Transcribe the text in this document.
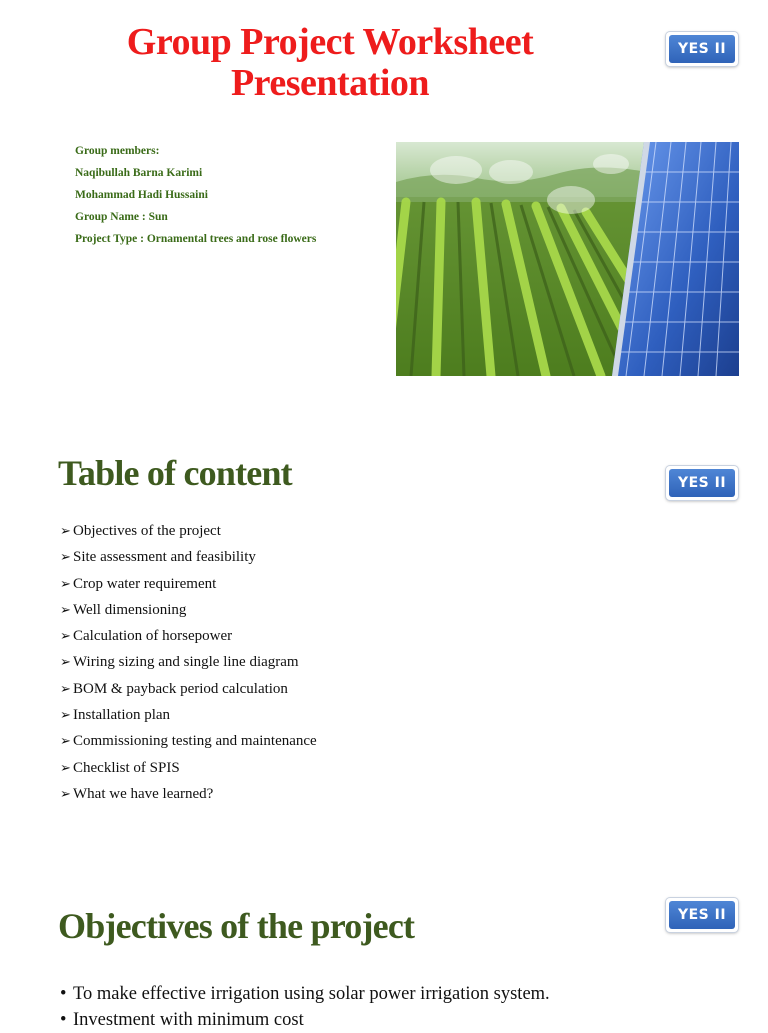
Group Project Worksheet
Presentation
YES II
Group members:
Naqibullah Barna Karimi
Mohammad Hadi Hussaini
Group Name : Sun
Project Type : Ornamental trees and rose flowers
Table of content	YES II
➢ Objectives of the project
➢ Site assessment and feasibility
➢ Crop water requirement
➢ Well dimensioning
➢ Calculation of horsepower
➢ Wiring sizing and single line diagram
➢ BOM & payback period calculation
➢ Installation plan
➢ Commissioning testing and maintenance
➢ Checklist of SPIS
➢ What we have learned?
Objectives of the project	YES II
• To make effective irrigation using solar power irrigation system.
• Investment with minimum cost
